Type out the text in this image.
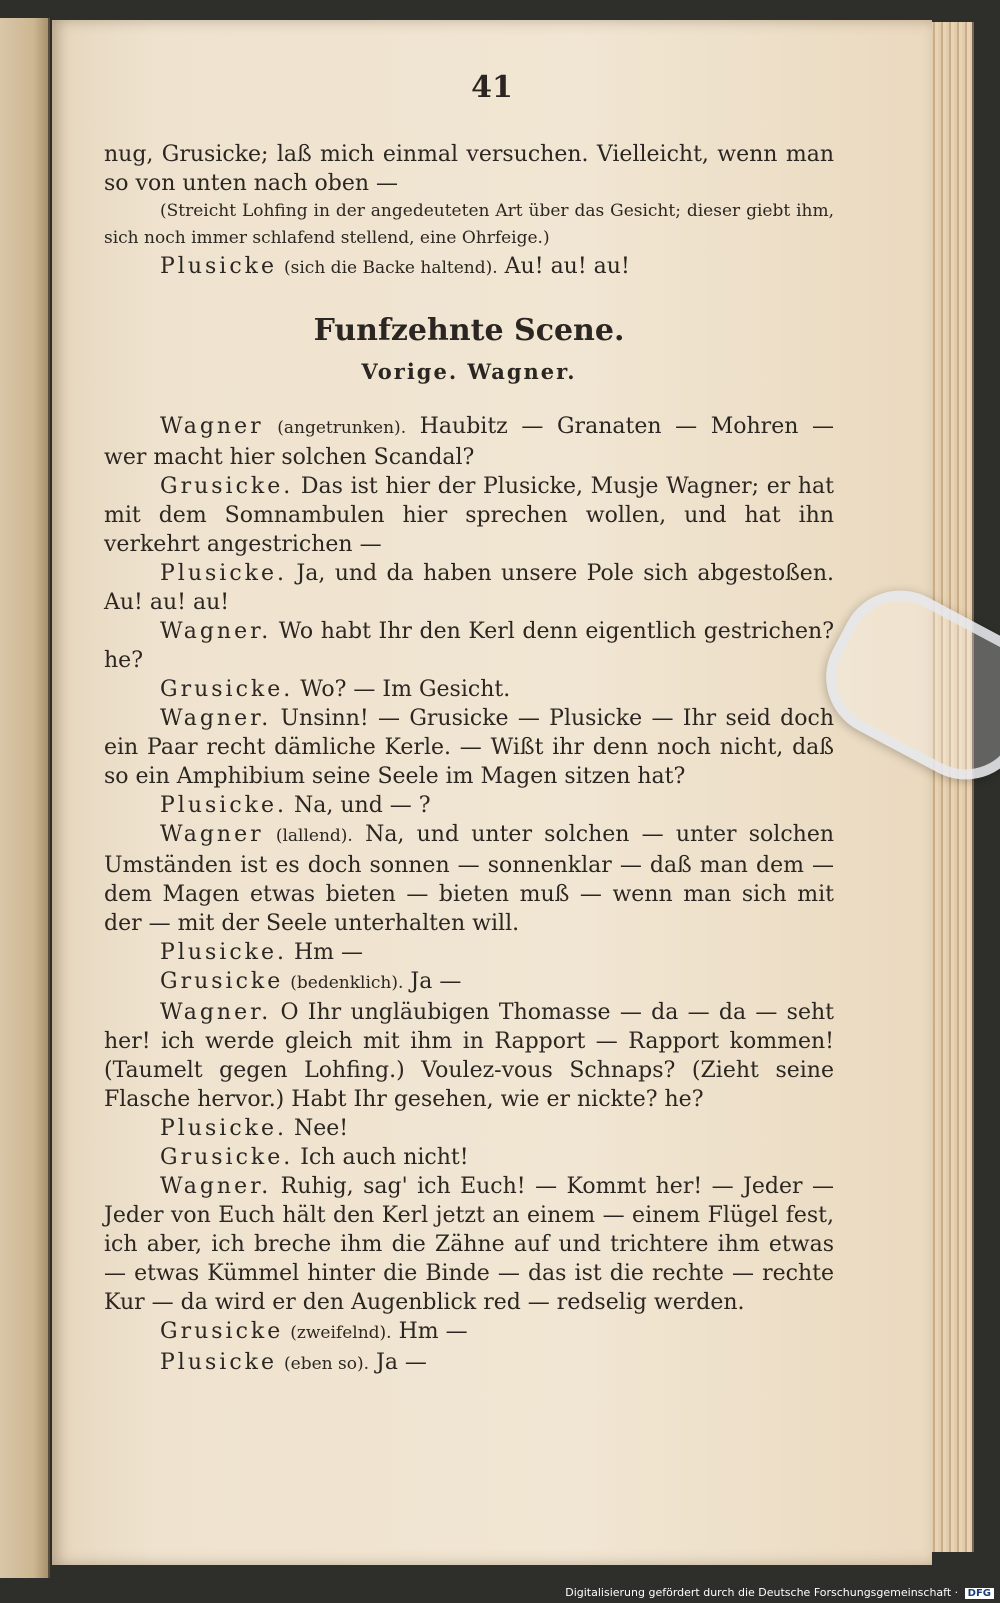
41

nug, Grusicke; laß mich einmal versuchen. Vielleicht, wenn man so von unten nach oben —

(Streicht Lohfing in der angedeuteten Art über das Gesicht; dieser giebt ihm, sich noch immer schlafend stellend, eine Ohrfeige.)

Plusicke (sich die Backe haltend). Au! au! au!

Funfzehnte Scene.
Vorige. Wagner.

Wagner (angetrunken). Haubitz — Granaten — Mohren — wer macht hier solchen Scandal?

Grusicke. Das ist hier der Plusicke, Musje Wagner; er hat mit dem Somnambulen hier sprechen wollen, und hat ihn verkehrt angestrichen —

Plusicke. Ja, und da haben unsere Pole sich abgestoßen. Au! au! au!

Wagner. Wo habt Ihr den Kerl denn eigentlich gestrichen? he?

Grusicke. Wo? — Im Gesicht.

Wagner. Unsinn! — Grusicke — Plusicke — Ihr seid doch ein Paar recht dämliche Kerle. — Wißt ihr denn noch nicht, daß so ein Amphibium seine Seele im Magen sitzen hat?

Plusicke. Na, und — ?

Wagner (lallend). Na, und unter solchen — unter solchen Umständen ist es doch sonnen — sonnenklar — daß man dem — dem Magen etwas bieten — bieten muß — wenn man sich mit der — mit der Seele unterhalten will.

Plusicke. Hm —

Grusicke (bedenklich). Ja —

Wagner. O Ihr ungläubigen Thomasse — da — da — seht her! ich werde gleich mit ihm in Rapport — Rapport kommen! (Taumelt gegen Lohfing.) Voulez-vous Schnaps? (Zieht seine Flasche hervor.) Habt Ihr gesehen, wie er nickte? he?

Plusicke. Nee!

Grusicke. Ich auch nicht!

Wagner. Ruhig, sag' ich Euch! — Kommt her! — Jeder — Jeder von Euch hält den Kerl jetzt an einem — einem Flügel fest, ich aber, ich breche ihm die Zähne auf und trichtere ihm etwas — etwas Kümmel hinter die Binde — das ist die rechte — rechte Kur — da wird er den Augenblick red — redselig werden.

Grusicke (zweifelnd). Hm —

Plusicke (eben so). Ja —

Digitalisierung gefördert durch die Deutsche Forschungsgemeinschaft · DFG
